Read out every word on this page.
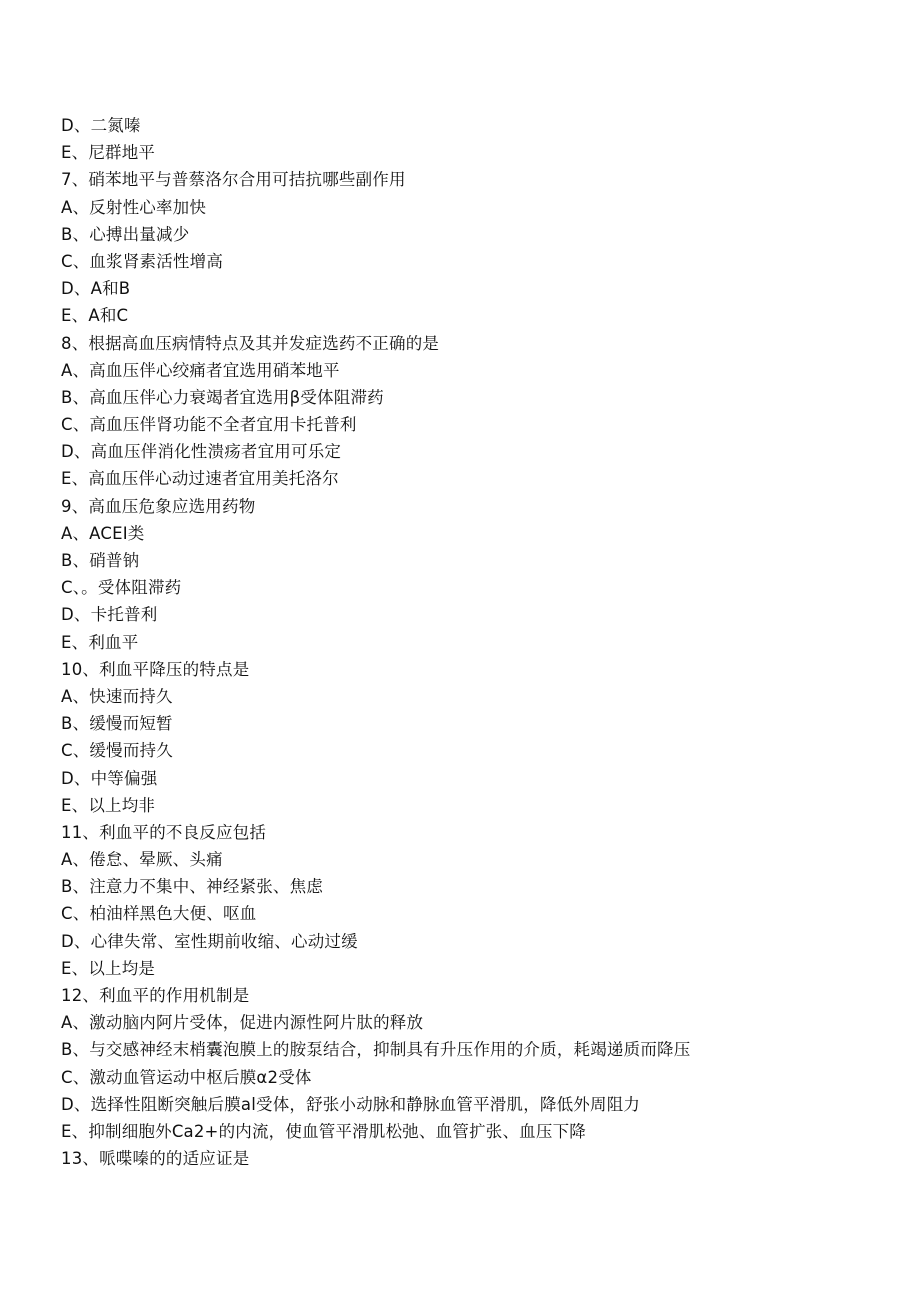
D、二氮嗪
E、尼群地平
7、硝苯地平与普蔡洛尔合用可拮抗哪些副作用
A、反射性心率加快
B、心搏出量减少
C、血浆肾素活性增高
D、A和B
E、A和C
8、根据高血压病情特点及其并发症选药不正确的是
A、高血压伴心绞痛者宜选用硝苯地平
B、高血压伴心力衰竭者宜选用β受体阻滞药
C、高血压伴肾功能不全者宜用卡托普利
D、高血压伴消化性溃疡者宜用可乐定
E、高血压伴心动过速者宜用美托洛尔
9、高血压危象应选用药物
A、ACEI类
B、硝普钠
C、。受体阻滞药
D、卡托普利
E、利血平
10、利血平降压的特点是
A、快速而持久
B、缓慢而短暂
C、缓慢而持久
D、中等偏强
E、以上均非
11、利血平的不良反应包括
A、倦怠、晕厥、头痛
B、注意力不集中、神经紧张、焦虑
C、柏油样黑色大便、呕血
D、心律失常、室性期前收缩、心动过缓
E、以上均是
12、利血平的作用机制是
A、激动脑内阿片受体，促进内源性阿片肽的释放
B、与交感神经末梢囊泡膜上的胺泵结合，抑制具有升压作用的介质，耗竭递质而降压
C、激动血管运动中枢后膜α2受体
D、选择性阻断突触后膜al受体，舒张小动脉和静脉血管平滑肌，降低外周阻力
E、抑制细胞外Ca2+的内流，使血管平滑肌松弛、血管扩张、血压下降
13、哌喋嗪的的适应证是
